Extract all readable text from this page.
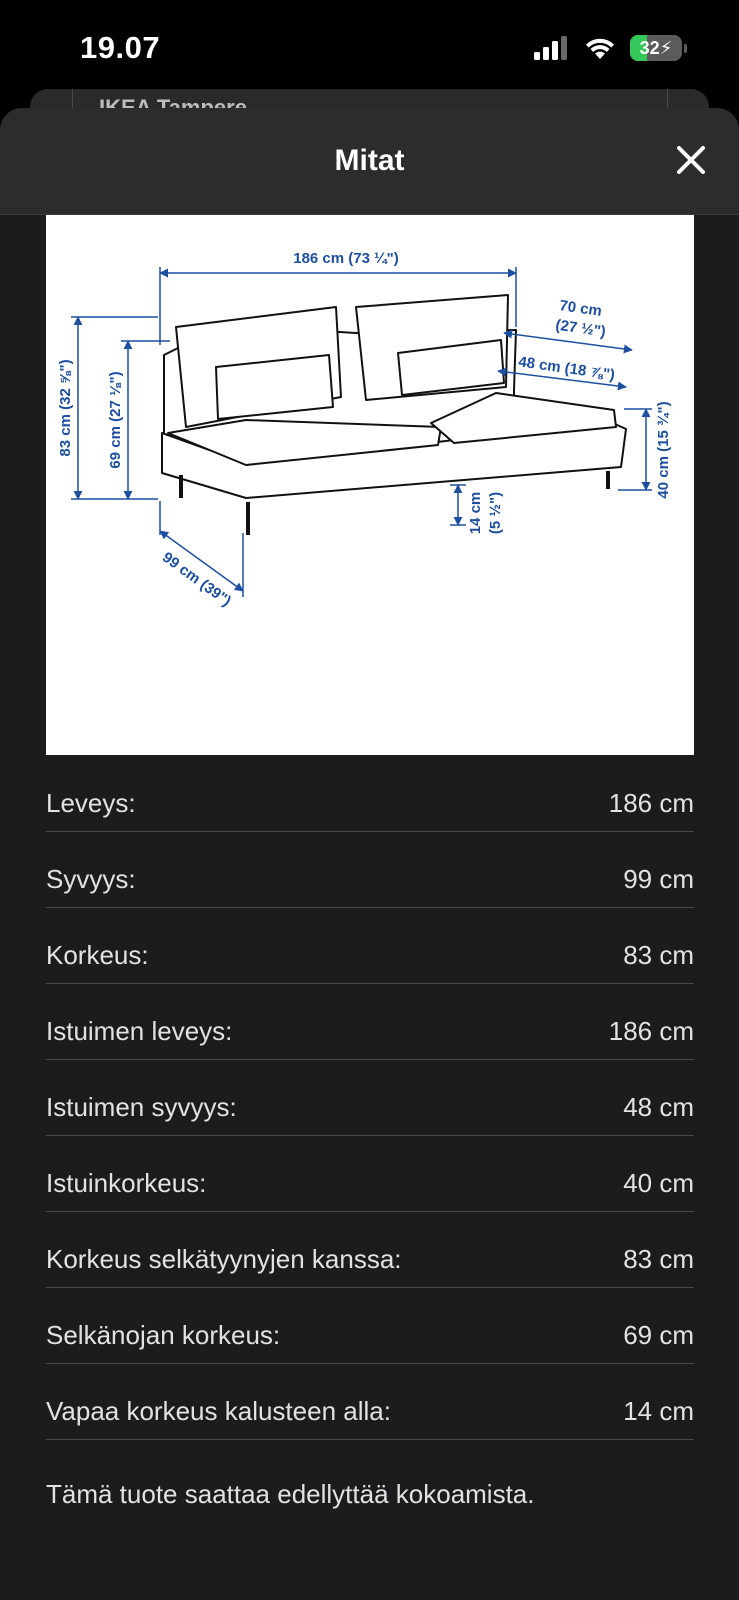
19.07	32⚡
Mitat
186 cm (73 ¼")
70 cm
(27 ½")
48 cm (18 ⅞")
83 cm (32 ⅝") 69 cm (27 ⅛")	40 cm (15 ¾")
14 cm (5 ½")
99 cm (39")
Leveys:	186 cm
Syvyys:	99 cm
Korkeus:	83 cm
Istuimen leveys:	186 cm
Istuimen syvyys:	48 cm
Istuinkorkeus:	40 cm
Korkeus selkätyynyjen kanssa:	83 cm
Selkänojan korkeus:	69 cm
Vapaa korkeus kalusteen alla:	14 cm
Tämä tuote saattaa edellyttää kokoamista.
